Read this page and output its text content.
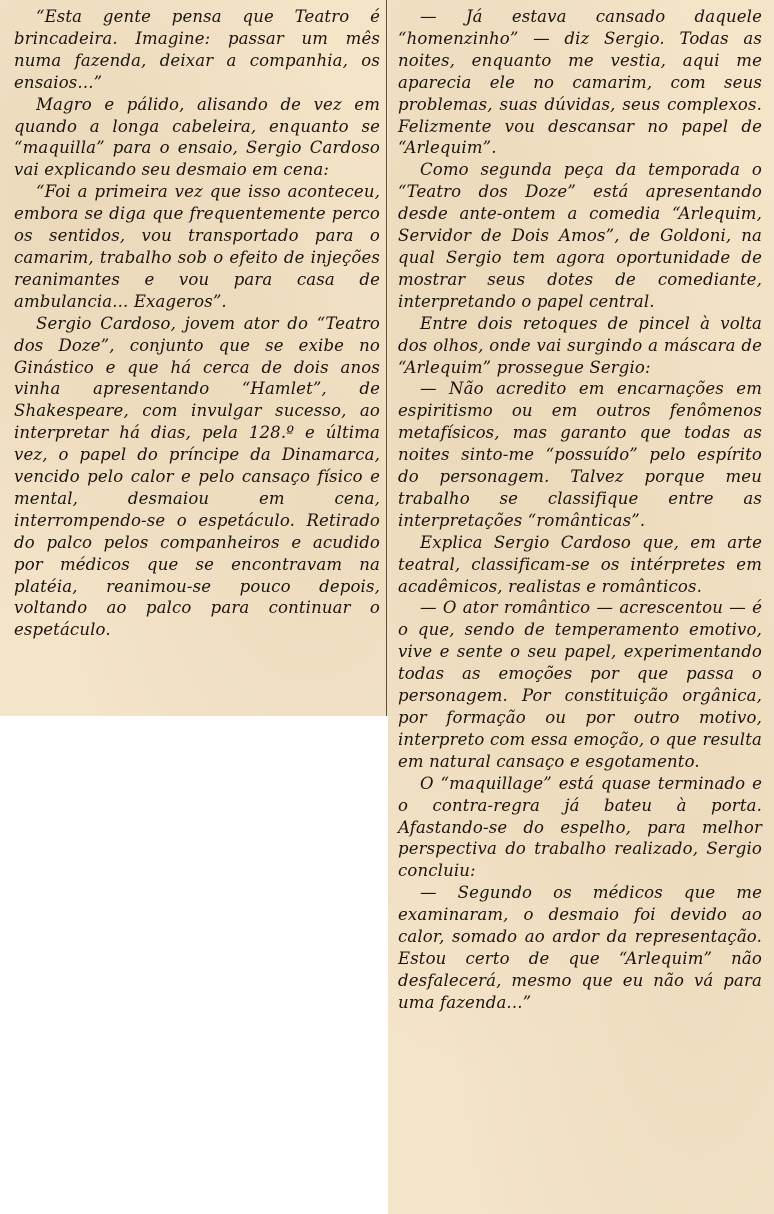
“Esta gente pensa que Teatro é brincadeira. Imagine: passar um mês numa fazenda, deixar a companhia, os ensaios...”

Magro e pálido, alisando de vez em quando a longa cabeleira, enquanto se “maquilla” para o ensaio, Sergio Cardoso vai explicando seu desmaio em cena:

“Foi a primeira vez que isso aconteceu, embora se diga que frequentemente perco os sentidos, vou transportado para o camarim, trabalho sob o efeito de injeções reanimantes e vou para casa de ambulancia... Exageros”.

Sergio Cardoso, jovem ator do “Teatro dos Doze”, conjunto que se exibe no Ginástico e que há cerca de dois anos vinha apresentando “Hamlet”, de Shakespeare, com invulgar sucesso, ao interpretar há dias, pela 128.º e última vez, o papel do príncipe da Dinamarca, vencido pelo calor e pelo cansaço físico e mental, desmaiou em cena, interrompendo-se o espetáculo. Retirado do palco pelos companheiros e acudido por médicos que se encontravam na platéia, reanimou-se pouco depois, voltando ao palco para continuar o espetáculo.

— Já estava cansado daquele “homenzinho” — diz Sergio. Todas as noites, enquanto me vestia, aqui me aparecia ele no camarim, com seus problemas, suas dúvidas, seus complexos. Felizmente vou descansar no papel de “Arlequim”.

Como segunda peça da temporada o “Teatro dos Doze” está apresentando desde ante-ontem a comedia “Arlequim, Servidor de Dois Amos”, de Goldoni, na qual Sergio tem agora oportunidade de mostrar seus dotes de comediante, interpretando o papel central.

Entre dois retoques de pincel à volta dos olhos, onde vai surgindo a máscara de “Arlequim” prossegue Sergio:

— Não acredito em encarnações em espiritismo ou em outros fenômenos metafísicos, mas garanto que todas as noites sinto-me “possuído” pelo espírito do personagem. Talvez porque meu trabalho se classifique entre as interpretações “românticas”.

Explica Sergio Cardoso que, em arte teatral, classificam-se os intérpretes em acadêmicos, realistas e românticos.

— O ator romântico — acrescentou — é o que, sendo de temperamento emotivo, vive e sente o seu papel, experimentando todas as emoções por que passa o personagem. Por constituição orgânica, por formação ou por outro motivo, interpreto com essa emoção, o que resulta em natural cansaço e esgotamento.

O “maquillage” está quase terminado e o contra-regra já bateu à porta. Afastando-se do espelho, para melhor perspectiva do trabalho realizado, Sergio concluiu:

— Segundo os médicos que me examinaram, o desmaio foi devido ao calor, somado ao ardor da representação. Estou certo de que “Arlequim” não desfalecerá, mesmo que eu não vá para uma fazenda...”
